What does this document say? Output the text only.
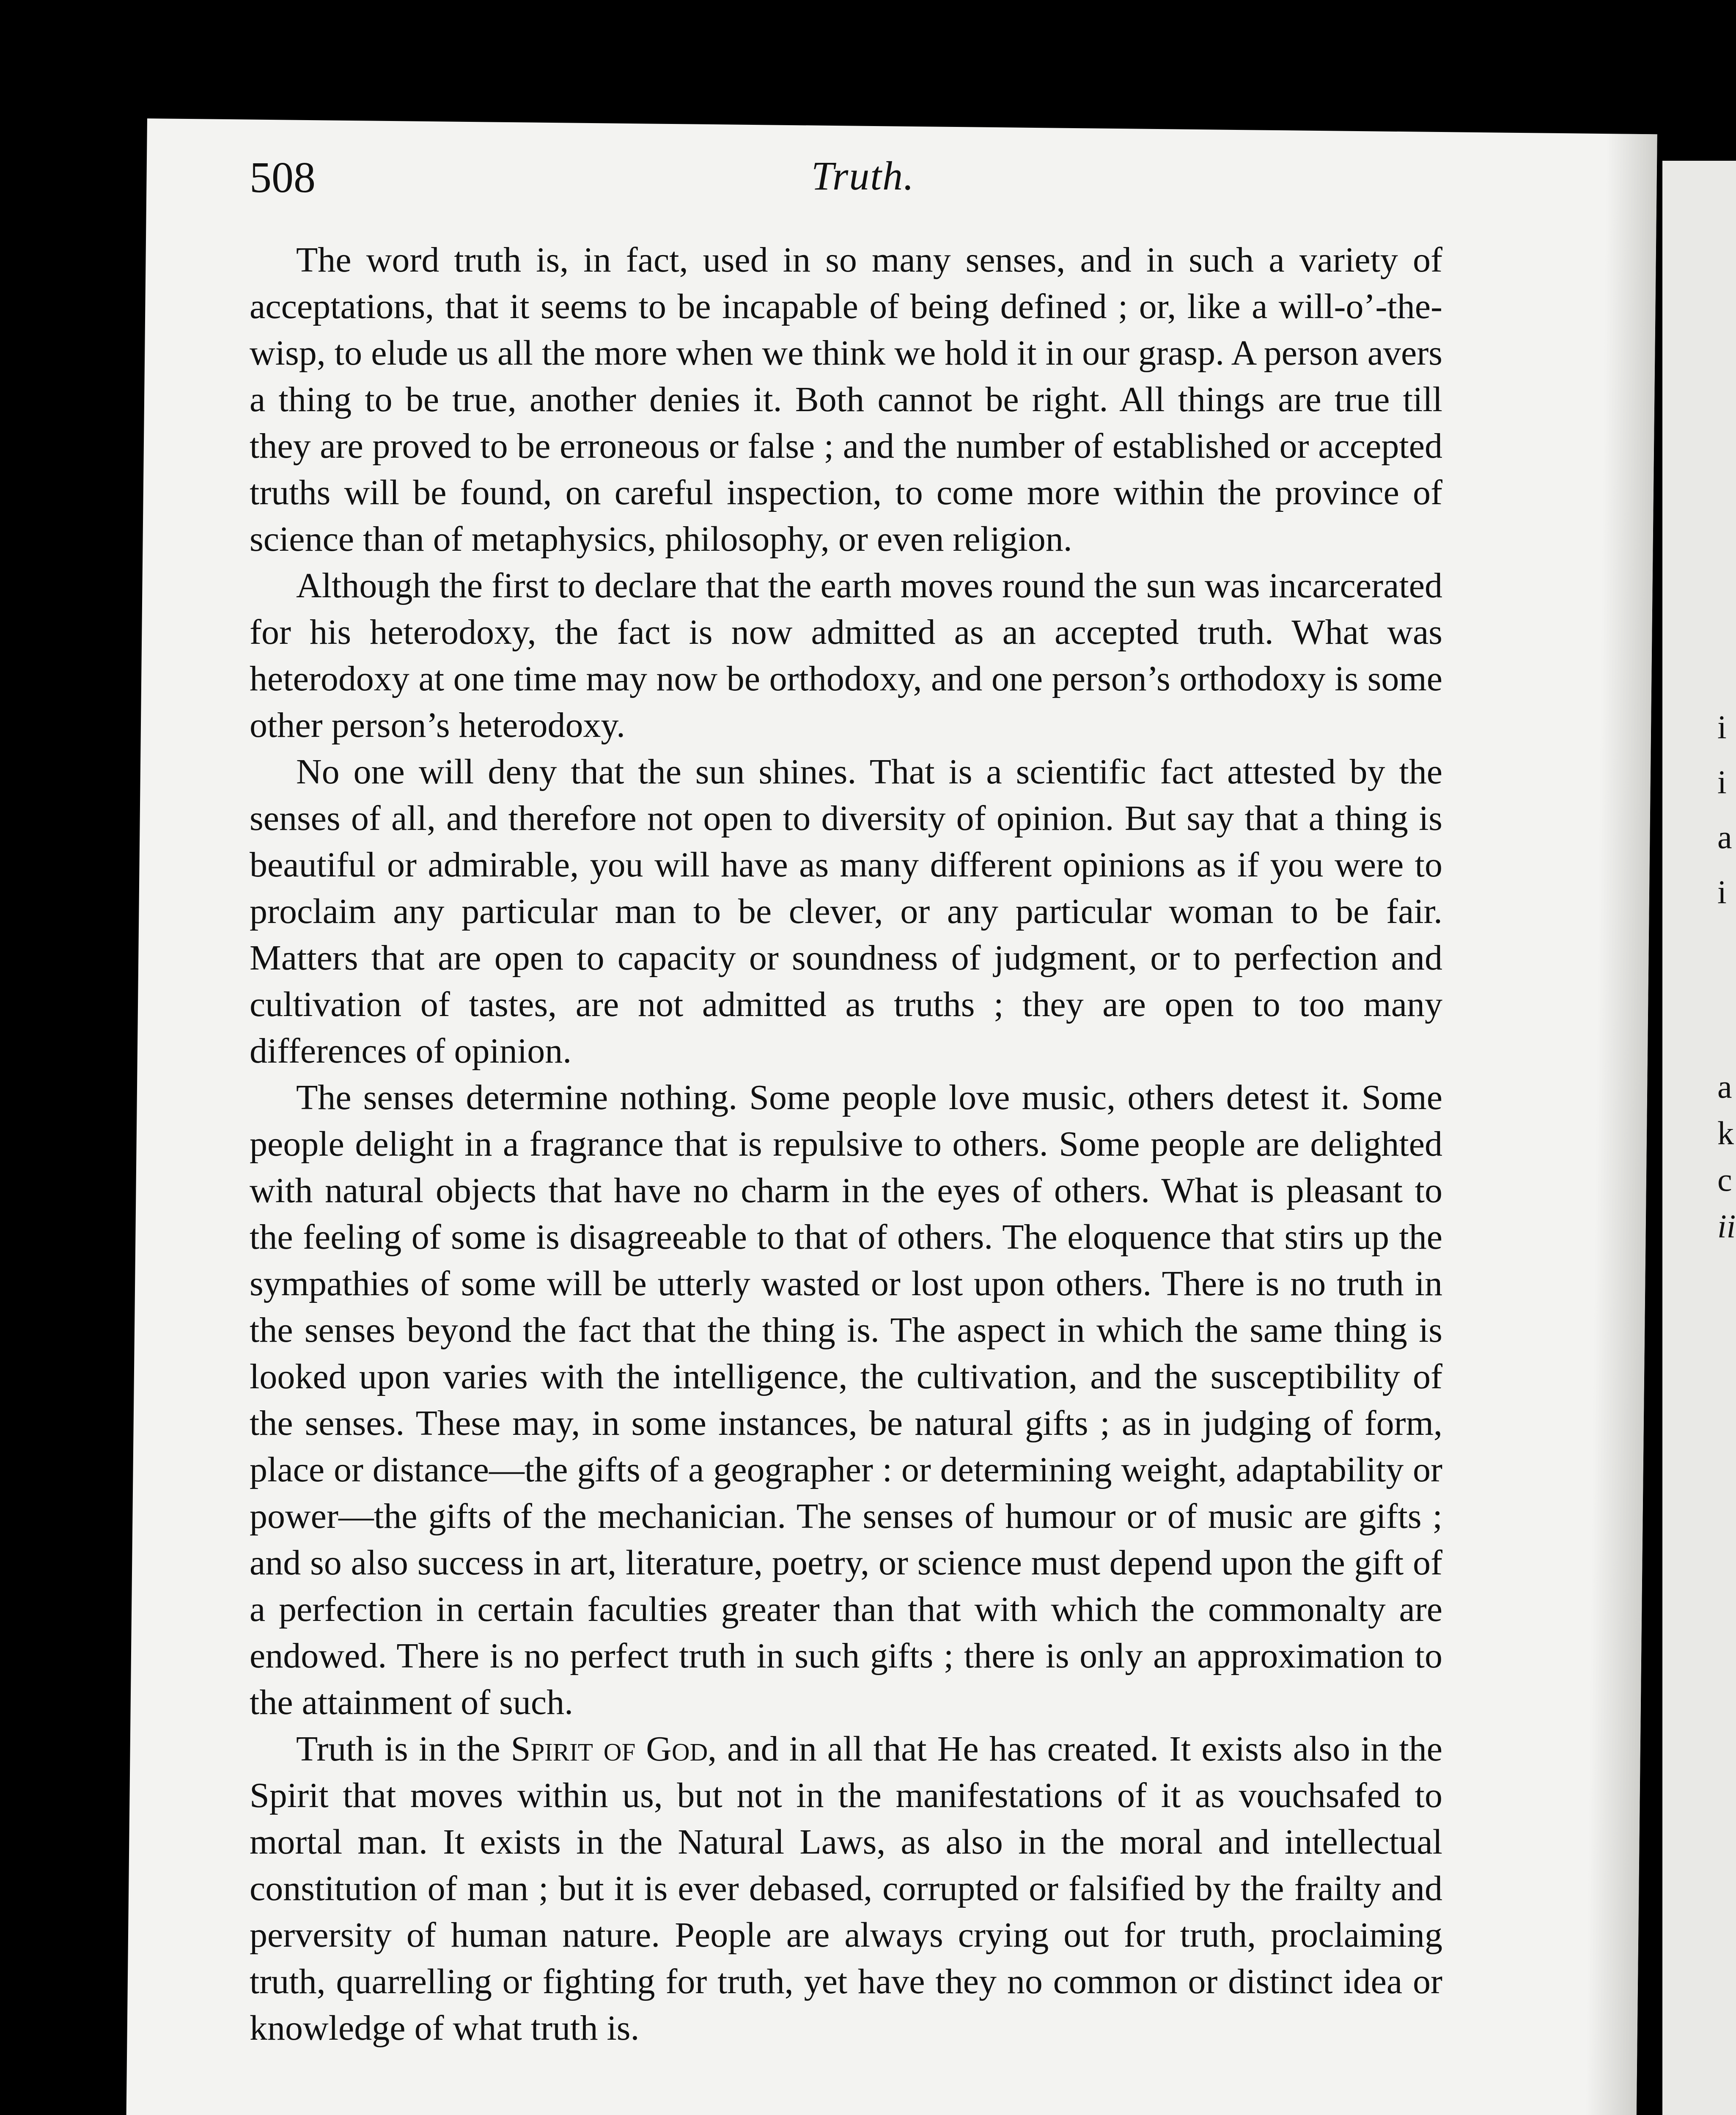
i
i
a
i
a
k
c
ii
508	Truth.

The word truth is, in fact, used in so many senses, and in such a variety of acceptations, that it seems to be incapable of being defined ; or, like a will-o’-the-wisp, to elude us all the more when we think we hold it in our grasp. A person avers a thing to be true, another denies it. Both cannot be right. All things are true till they are proved to be erroneous or false ; and the number of established or accepted truths will be found, on careful inspection, to come more within the province of science than of metaphysics, philosophy, or even religion.

Although the first to declare that the earth moves round the sun was incarcerated for his heterodoxy, the fact is now admitted as an accepted truth. What was heterodoxy at one time may now be orthodoxy, and one person’s orthodoxy is some other person’s heterodoxy.

No one will deny that the sun shines. That is a scientific fact attested by the senses of all, and therefore not open to diversity of opinion. But say that a thing is beautiful or admirable, you will have as many different opinions as if you were to proclaim any particular man to be clever, or any particular woman to be fair. Matters that are open to capacity or soundness of judgment, or to perfection and cultivation of tastes, are not admitted as truths ; they are open to too many differences of opinion.

The senses determine nothing. Some people love music, others detest it. Some people delight in a fragrance that is repulsive to others. Some people are delighted with natural objects that have no charm in the eyes of others. What is pleasant to the feeling of some is disagreeable to that of others. The eloquence that stirs up the sympathies of some will be utterly wasted or lost upon others. There is no truth in the senses beyond the fact that the thing is. The aspect in which the same thing is looked upon varies with the intelligence, the cultivation, and the susceptibility of the senses. These may, in some instances, be natural gifts ; as in judging of form, place or distance—the gifts of a geographer : or determining weight, adaptability or power—the gifts of the mechanician. The senses of humour or of music are gifts ; and so also success in art, literature, poetry, or science must depend upon the gift of a perfection in certain faculties greater than that with which the commonalty are endowed. There is no perfect truth in such gifts ; there is only an approximation to the attainment of such.

Truth is in the Spirit of God, and in all that He has created. It exists also in the Spirit that moves within us, but not in the manifestations of it as vouchsafed to mortal man. It exists in the Natural Laws, as also in the moral and intellectual constitution of man ; but it is ever debased, corrupted or falsified by the frailty and perversity of human nature. People are always crying out for truth, proclaiming truth, quarrelling or fighting for truth, yet have they no common or distinct idea or knowledge of what truth is.
